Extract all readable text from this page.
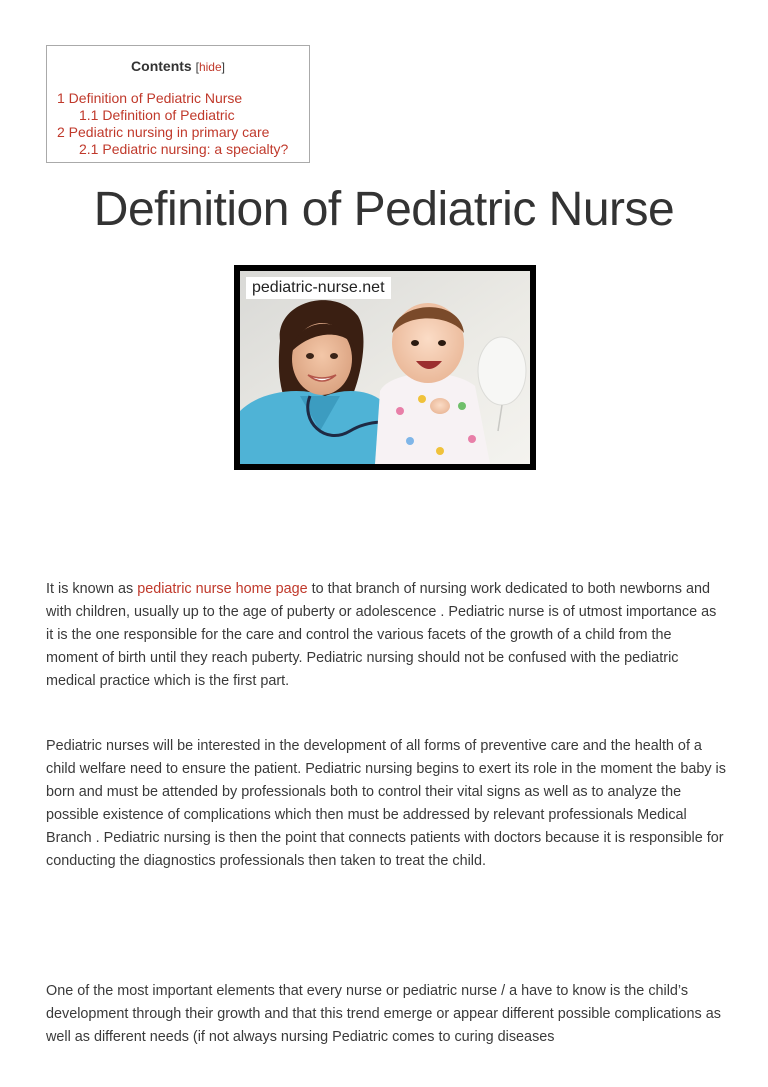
Contents [hide]
1 Definition of Pediatric Nurse
1.1 Definition of Pediatric
2 Pediatric nursing in primary care
2.1 Pediatric nursing: a specialty?
Definition of Pediatric Nurse
pediatric-nurse.net

It is known as pediatric nurse home page to that branch of nursing work dedicated to both newborns and with children, usually up to the age of puberty or adolescence . Pediatric nurse is of utmost importance as it is the one responsible for the care and control the various facets of the growth of a child from the moment of birth until they reach puberty. Pediatric nursing should not be confused with the pediatric medical practice which is the first part.

Pediatric nurses will be interested in the development of all forms of preventive care and the health of a child welfare need to ensure the patient. Pediatric nursing begins to exert its role in the moment the baby is born and must be attended by professionals both to control their vital signs as well as to analyze the possible existence of complications which then must be addressed by relevant professionals Medical Branch . Pediatric nursing is then the point that connects patients with doctors because it is responsible for conducting the diagnostics professionals then taken to treat the child.

One of the most important elements that every nurse or pediatric nurse / a have to know is the child’s development through their growth and that this trend emerge or appear different possible complications as well as different needs (if not always nursing Pediatric comes to curing diseases
